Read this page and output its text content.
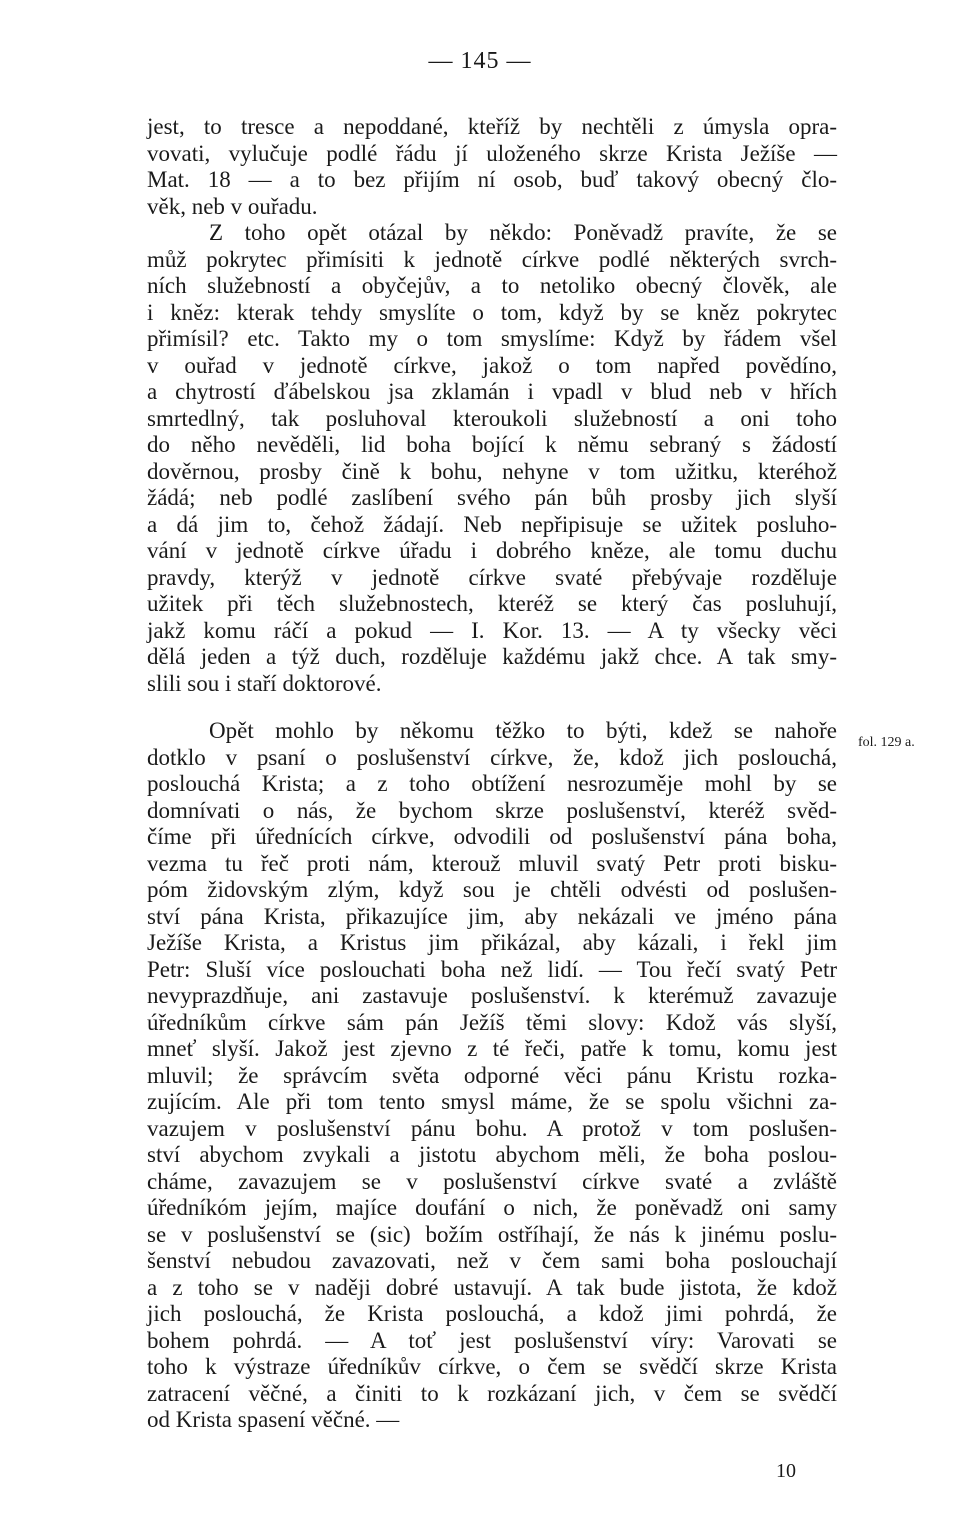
— 145 —
jest, to tresce a nepoddané, kteříž by nechtěli z úmysla opra-
vovati, vylučuje podlé řádu jí uloženého skrze Krista Ježíše —
Mat. 18 — a to bez přijím ní osob, buď takový obecný člo-
věk, neb v ouřadu.
Z toho opět otázal by někdo: Poněvadž pravíte, že se
můž pokrytec přimísiti k jednotě církve podlé některých svrch-
ních služebností a obyčejův, a to netoliko obecný člověk, ale
i kněz: kterak tehdy smyslíte o tom, když by se kněz pokrytec
přimísil? etc. Takto my o tom smyslíme: Když by řádem všel
v ouřad v jednotě církve, jakož o tom napřed povědíno,
a chytrostí ďábelskou jsa zklamán i vpadl v blud neb v hřích
smrtedlný, tak posluhoval kteroukoli služebností a oni toho
do něho nevěděli, lid boha bojící k němu sebraný s žádostí
dověrnou, prosby čině k bohu, nehyne v tom užitku, kteréhož
žádá; neb podlé zaslíbení svého pán bůh prosby jich slyší
a dá jim to, čehož žádají. Neb nepřipisuje se užitek posluho-
vání v jednotě církve úřadu i dobrého kněze, ale tomu duchu
pravdy, kterýž v jednotě církve svaté přebývaje rozděluje
užitek při těch služebnostech, kteréž se který čas posluhují,
jakž komu ráčí a pokud — I. Kor. 13. — A ty všecky věci
dělá jeden a týž duch, rozděluje každému jakž chce. A tak smy-
slili sou i staří doktorové.
Opět mohlo by někomu těžko to býti, kdež se nahoře
dotklo v psaní o poslušenství církve, že, kdož jich poslouchá,
poslouchá Krista; a z toho obtížení nesrozuměje mohl by se
domnívati o nás, že bychom skrze poslušenství, kteréž svěd-
číme při úřednících církve, odvodili od poslušenství pána boha,
vezma tu řeč proti nám, kterouž mluvil svatý Petr proti bisku-
póm židovským zlým, když sou je chtěli odvésti od poslušen-
ství pána Krista, přikazujíce jim, aby nekázali ve jméno pána
Ježíše Krista, a Kristus jim přikázal, aby kázali, i řekl jim
Petr: Sluší více poslouchati boha než lidí. — Tou řečí svatý Petr
nevyprazdňuje, ani zastavuje poslušenství. k kterémuž zavazuje
úředníkům církve sám pán Ježíš těmi slovy: Kdož vás slyší,
mneť slyší. Jakož jest zjevno z té řeči, patře k tomu, komu jest
mluvil; že správcím světa odporné věci pánu Kristu rozka-
zujícím. Ale při tom tento smysl máme, že se spolu všichni za-
vazujem v poslušenství pánu bohu. A protož v tom poslušen-
ství abychom zvykali a jistotu abychom měli, že boha poslou-
cháme, zavazujem se v poslušenství církve svaté a zvláště
úředníkóm jejím, majíce doufání o nich, že poněvadž oni samy
se v poslušenství se (sic) božím ostříhají, že nás k jinému poslu-
šenství nebudou zavazovati, než v čem sami boha poslouchají
a z toho se v naději dobré ustavují. A tak bude jistota, že kdož
jich poslouchá, že Krista poslouchá, a kdož jimi pohrdá, že
bohem pohrdá. — A toť jest poslušenství víry: Varovati se
toho k výstraze úředníkův církve, o čem se svědčí skrze Krista
zatracení věčné, a činiti to k rozkázaní jich, v čem se svědčí
od Krista spasení věčné. —
fol. 129 a.
10
